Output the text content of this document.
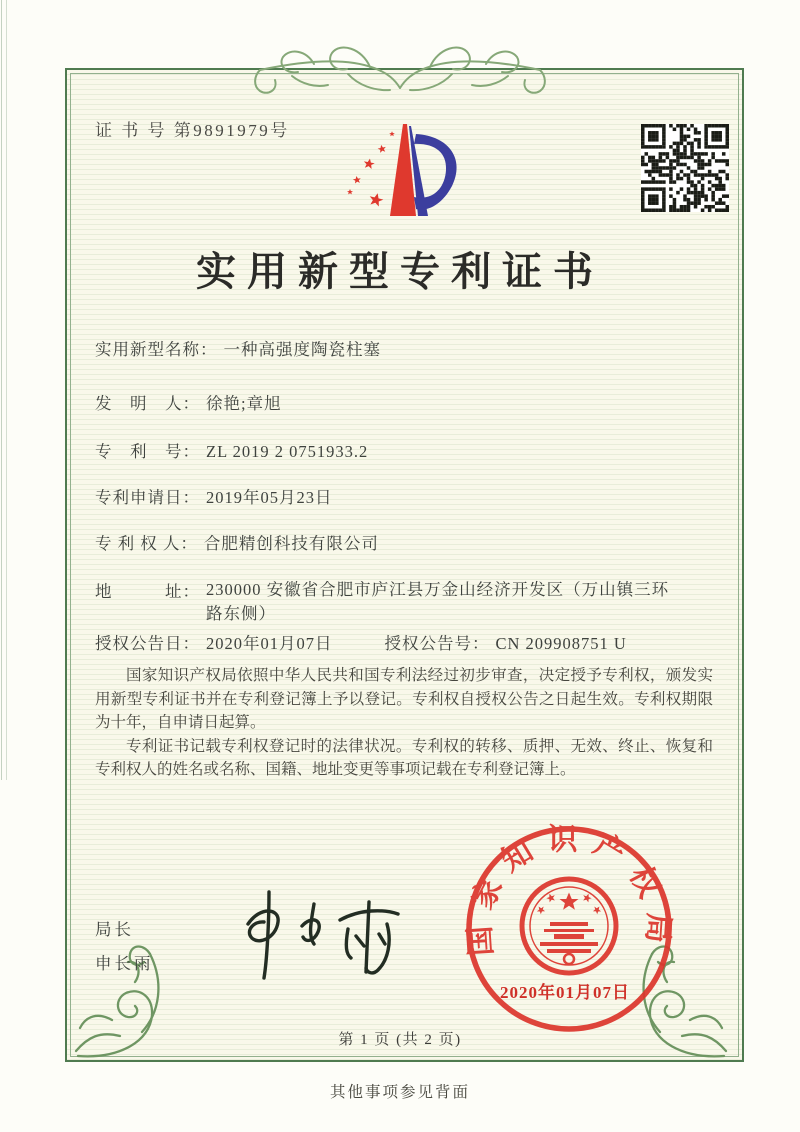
证 书 号 第9891979号
实用新型专利证书
实用新型名称： 一种高强度陶瓷柱塞
发　明　人： 徐艳;章旭
专　利　号： ZL 2019 2 0751933.2
专利申请日： 2019年05月23日
专 利 权 人： 合肥精创科技有限公司
地　　　址： 230000 安徽省合肥市庐江县万金山经济开发区（万山镇三环路东侧）
授权公告日： 2020年01月07日	授权公告号： CN 209908751 U

国家知识产权局依照中华人民共和国专利法经过初步审查，决定授予专利权，颁发实用新型专利证书并在专利登记簿上予以登记。专利权自授权公告之日起生效。专利权期限为十年，自申请日起算。

专利证书记载专利权登记时的法律状况。专利权的转移、质押、无效、终止、恢复和专利权人的姓名或名称、国籍、地址变更等事项记载在专利登记簿上。

局长
申长雨
国家知识产权局
2020年01月07日
第 1 页 (共 2 页)
其他事项参见背面
